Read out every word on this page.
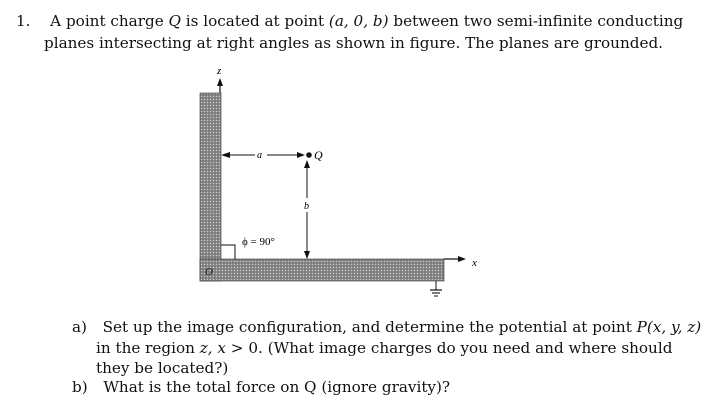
1. A point charge Q is located at point (a, 0, b) between two semi-infinite conducting
planes intersecting at right angles as shown in figure. The planes are grounded.
z
x
O
a	Q
b
ϕ = 90°
a) Set up the image configuration, and determine the potential at point P(x, y, z)
in the region z, x > 0. (What image charges do you need and where should
they be located?)
b) What is the total force on Q (ignore gravity)?
